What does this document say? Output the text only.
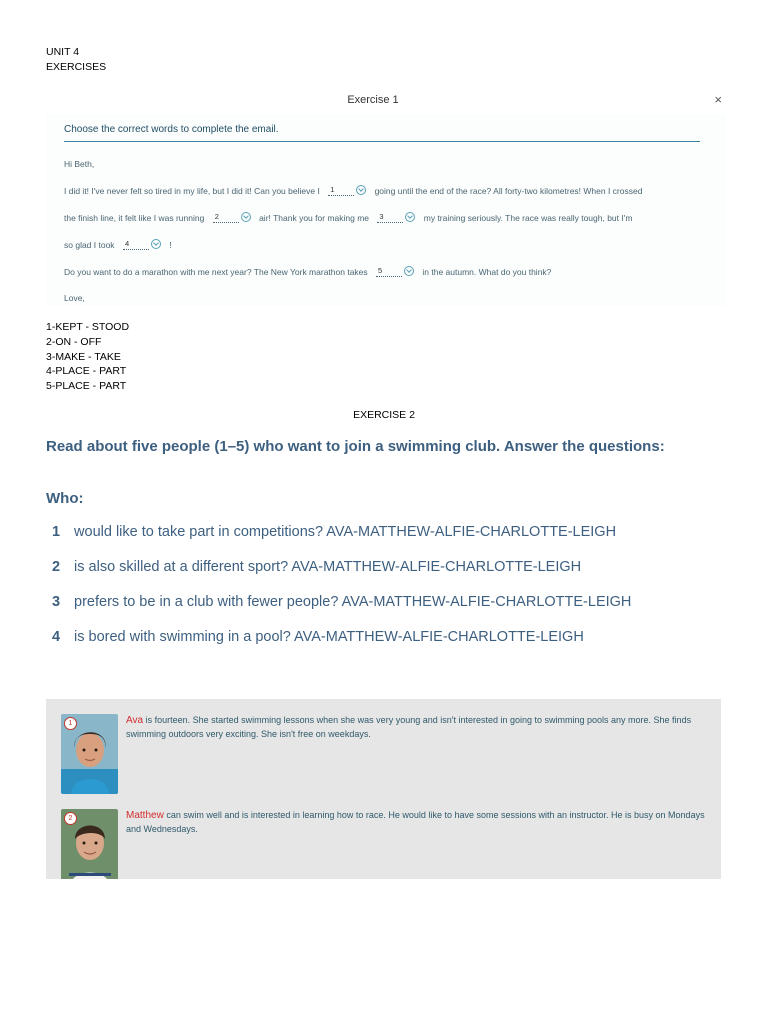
UNIT 4
EXERCISES
Exercise 1	×
Choose the correct words to complete the email.
Hi Beth,
I did it! I've never felt so tired in my life, but I did it! Can you believe I 1	going until the end of the race? All forty-two kilometres! When I crossed
the finish line, it felt like I was running 2	air! Thank you for making me 3	my training seriously. The race was really tough, but I'm
so glad I took 4	!
Do you want to do a marathon with me next year? The New York marathon takes 5	in the autumn. What do you think?
Love,
1-KEPT - STOOD
2-ON - OFF
3-MAKE - TAKE
4-PLACE - PART
5-PLACE - PART
EXERCISE 2
Read about five people (1–5) who want to join a swimming club. Answer the questions:
Who:
1 would like to take part in competitions? AVA-MATTHEW-ALFIE-CHARLOTTE-LEIGH
2 is also skilled at a different sport? AVA-MATTHEW-ALFIE-CHARLOTTE-LEIGH
3 prefers to be in a club with fewer people? AVA-MATTHEW-ALFIE-CHARLOTTE-LEIGH
4 is bored with swimming in a pool? AVA-MATTHEW-ALFIE-CHARLOTTE-LEIGH
1	Ava is fourteen. She started swimming lessons when she was very young and isn't interested in going to swimming pools any more. She finds swimming outdoors very exciting. She isn't free on weekdays.
2	Matthew can swim well and is interested in learning how to race. He would like to have some sessions with an instructor. He is busy on Mondays and Wednesdays.
